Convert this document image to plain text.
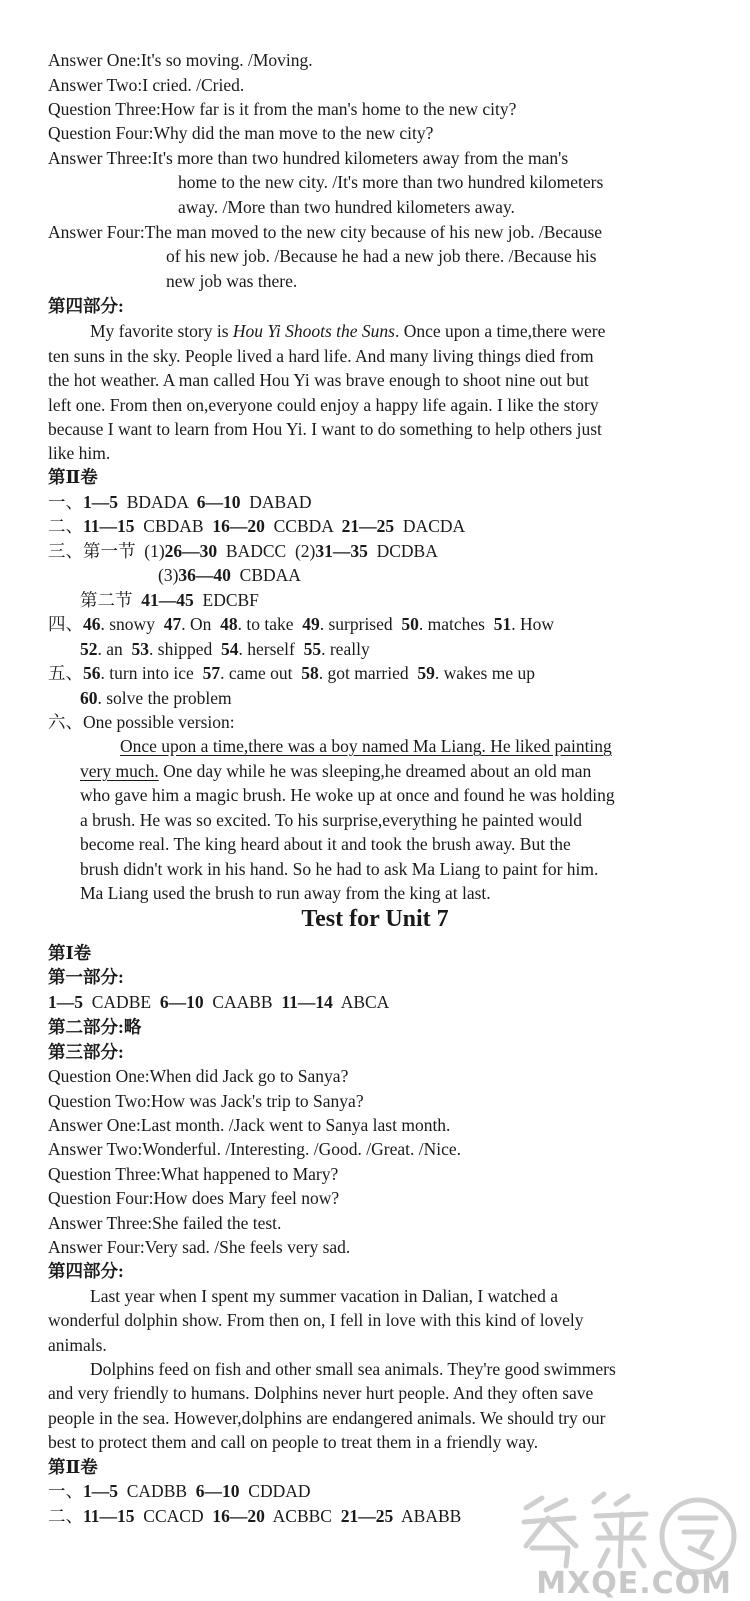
Answer One:It's so moving. /Moving.
Answer Two:I cried. /Cried.
Question Three:How far is it from the man's home to the new city?
Question Four:Why did the man move to the new city?
Answer Three:It's more than two hundred kilometers away from the man's
home to the new city. /It's more than two hundred kilometers
away. /More than two hundred kilometers away.
Answer Four:The man moved to the new city because of his new job. /Because
of his new job. /Because he had a new job there. /Because his
new job was there.
第四部分:
My favorite story is Hou Yi Shoots the Suns. Once upon a time,there were
ten suns in the sky. People lived a hard life. And many living things died from
the hot weather. A man called Hou Yi was brave enough to shoot nine out but
left one. From then on,everyone could enjoy a happy life again. I like the story
because I want to learn from Hou Yi. I want to do something to help others just
like him.
第Ⅱ卷
一、1—5 BDADA 6—10 DABAD
二、11—15 CBDAB 16—20 CCBDA 21—25 DACDA
三、第一节 (1)26—30 BADCC (2)31—35 DCDBA
(3)36—40 CBDAA
第二节 41—45 EDCBF
四、46. snowy 47. On 48. to take 49. surprised 50. matches 51. How
52. an 53. shipped 54. herself 55. really
五、56. turn into ice 57. came out 58. got married 59. wakes me up
60. solve the problem
六、One possible version:
Once upon a time,there was a boy named Ma Liang. He liked painting
very much. One day while he was sleeping,he dreamed about an old man
who gave him a magic brush. He woke up at once and found he was holding
a brush. He was so excited. To his surprise,everything he painted would
become real. The king heard about it and took the brush away. But the
brush didn't work in his hand. So he had to ask Ma Liang to paint for him.
Ma Liang used the brush to run away from the king at last.
Test for Unit 7
第Ⅰ卷
第一部分:
1—5 CADBE 6—10 CAABB 11—14 ABCA
第二部分:略
第三部分:
Question One:When did Jack go to Sanya?
Question Two:How was Jack's trip to Sanya?
Answer One:Last month. /Jack went to Sanya last month.
Answer Two:Wonderful. /Interesting. /Good. /Great. /Nice.
Question Three:What happened to Mary?
Question Four:How does Mary feel now?
Answer Three:She failed the test.
Answer Four:Very sad. /She feels very sad.
第四部分:
Last year when I spent my summer vacation in Dalian, I watched a
wonderful dolphin show. From then on, I fell in love with this kind of lovely
animals.
Dolphins feed on fish and other small sea animals. They're good swimmers
and very friendly to humans. Dolphins never hurt people. And they often save
people in the sea. However,dolphins are endangered animals. We should try our
best to protect them and call on people to treat them in a friendly way.
第Ⅱ卷
一、1—5 CADBB 6—10 CDDAD
二、11—15 CCACD 16—20 ACBBC 21—25 ABABB
MXQE.COM
